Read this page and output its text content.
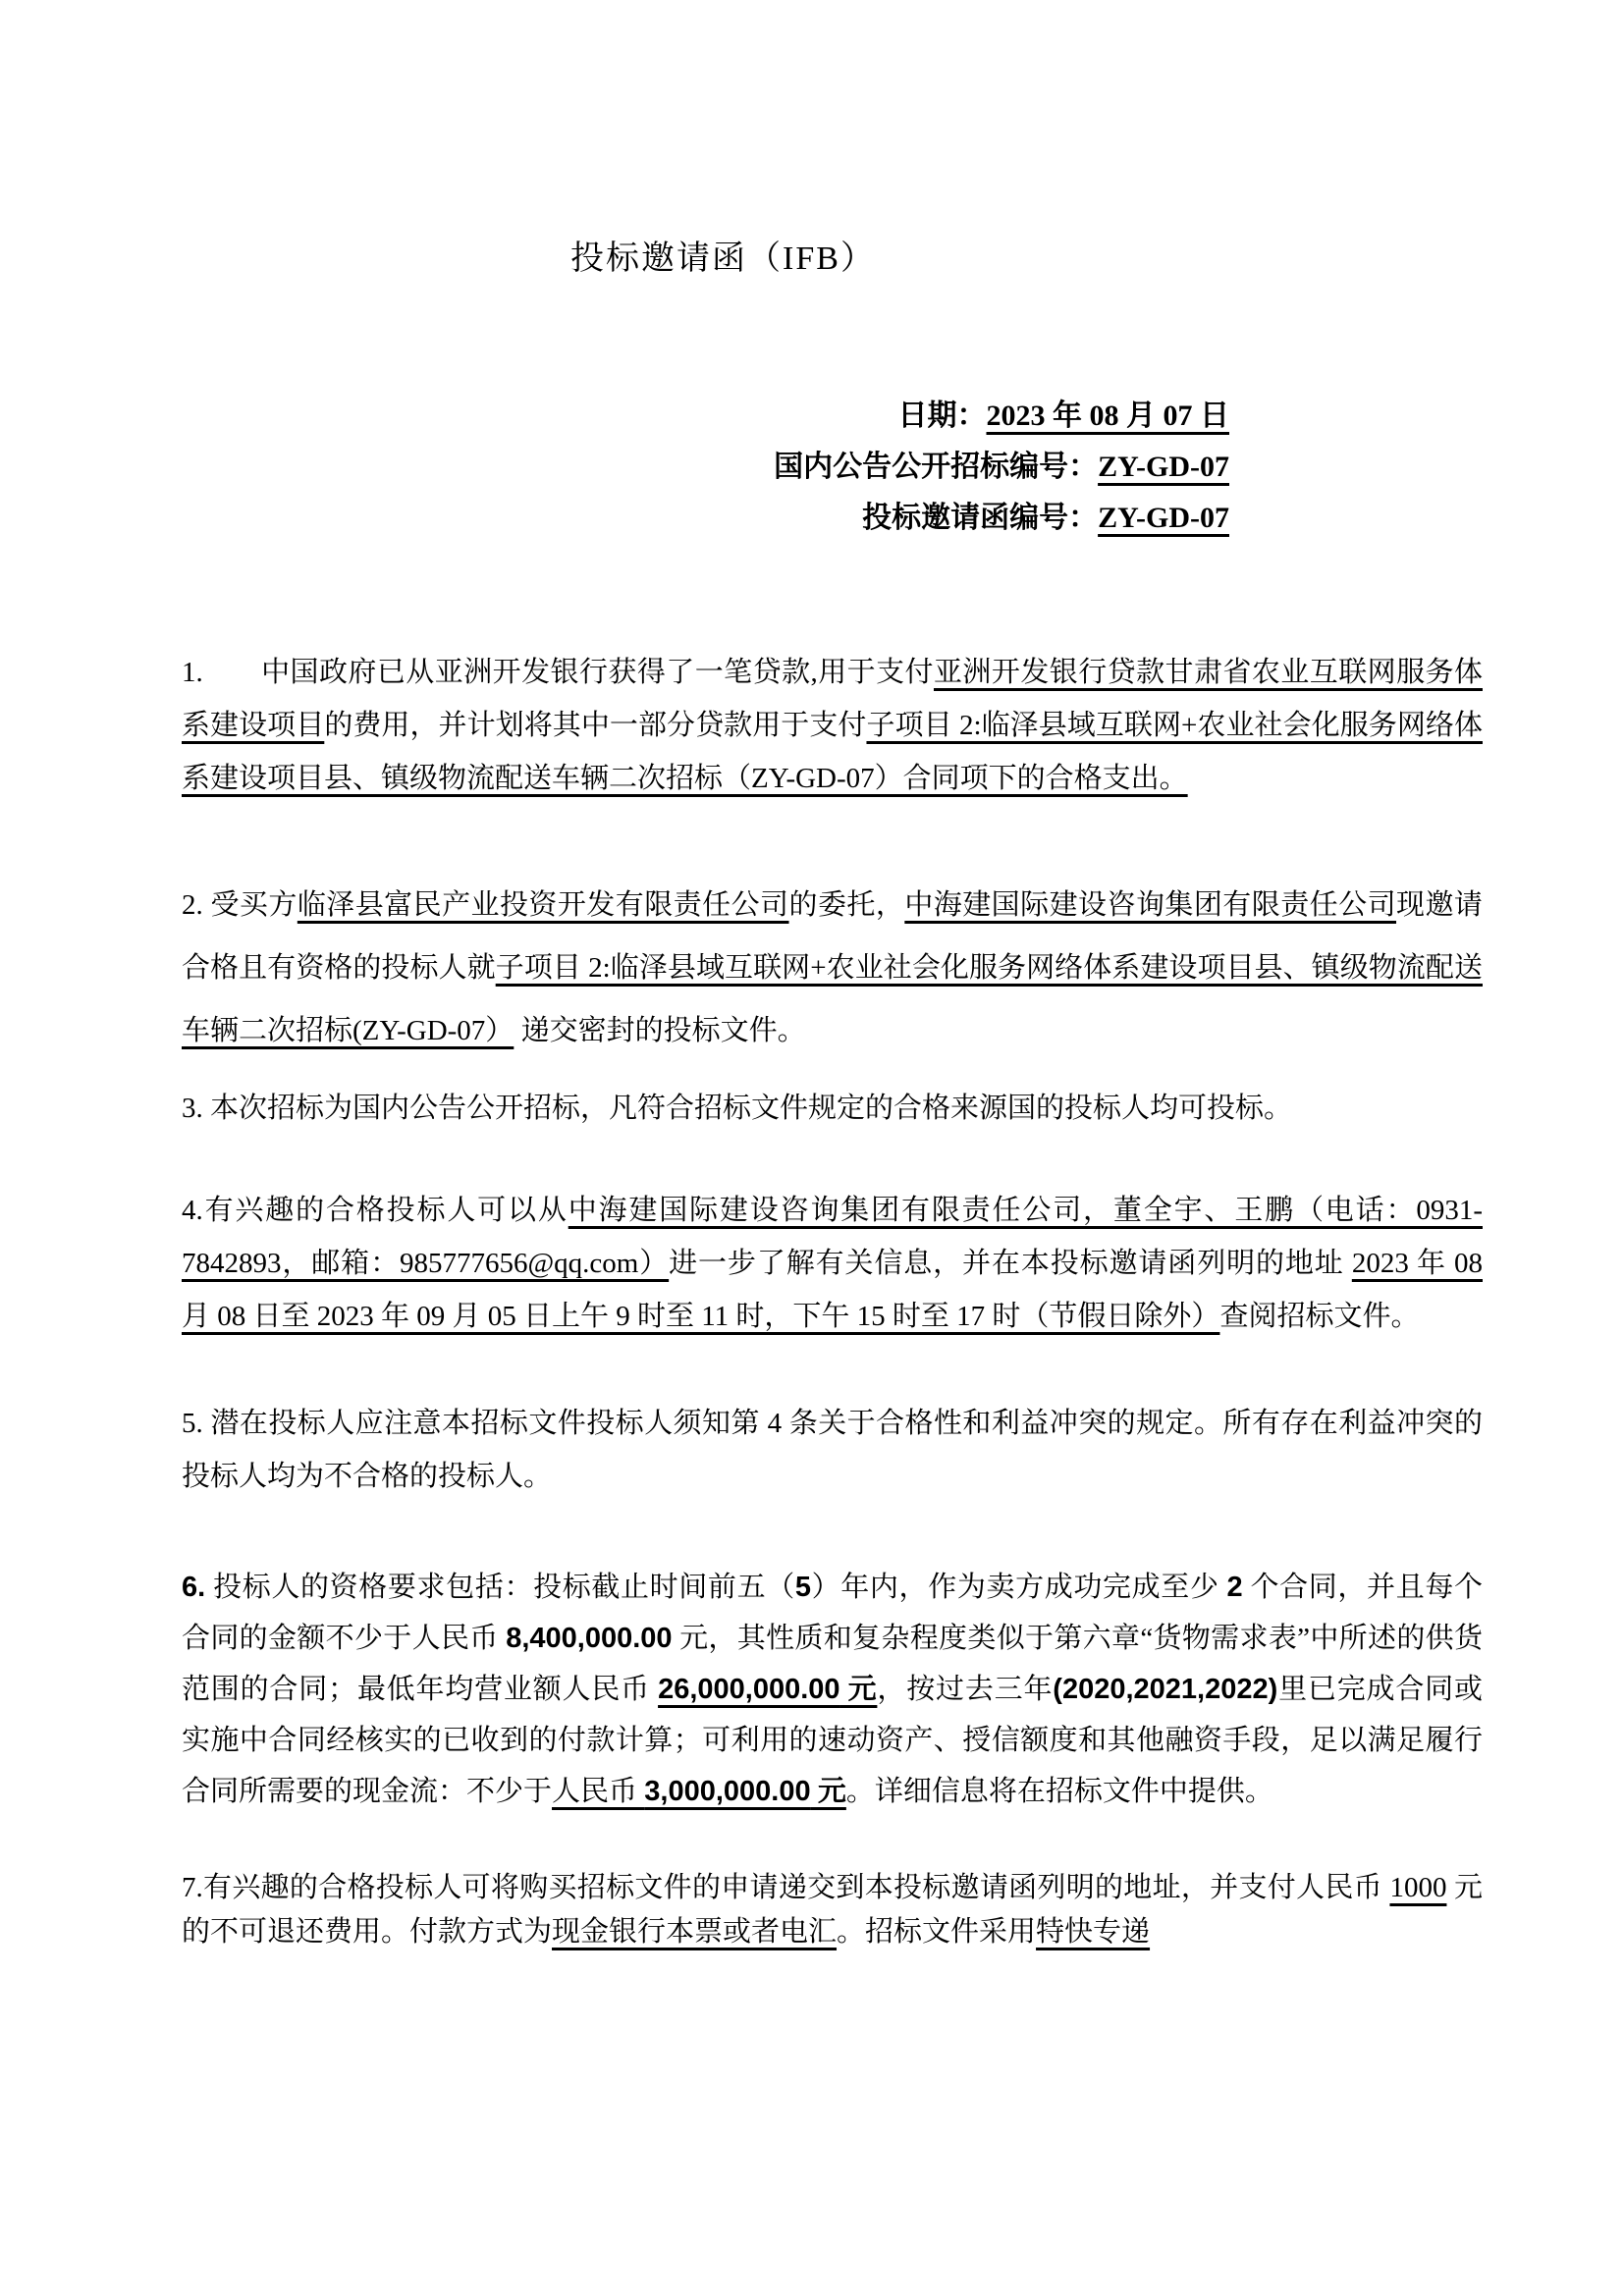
投标邀请函（IFB）
日期：2023 年 08 月 07 日
国内公告公开招标编号：ZY-GD-07
投标邀请函编号：ZY-GD-07

1.　　中国政府已从亚洲开发银行获得了一笔贷款,用于支付亚洲开发银行贷款甘肃省农业互联网服务体系建设项目的费用，并计划将其中一部分贷款用于支付子项目 2:临泽县域互联网+农业社会化服务网络体系建设项目县、镇级物流配送车辆二次招标（ZY-GD-07）合同项下的合格支出。

2. 受买方临泽县富民产业投资开发有限责任公司的委托，中海建国际建设咨询集团有限责任公司现邀请合格且有资格的投标人就子项目 2:临泽县域互联网+农业社会化服务网络体系建设项目县、镇级物流配送车辆二次招标(ZY-GD-07） 递交密封的投标文件。

3. 本次招标为国内公告公开招标，凡符合招标文件规定的合格来源国的投标人均可投标。

4.有兴趣的合格投标人可以从中海建国际建设咨询集团有限责任公司，董全宇、王鹏（电话：0931-7842893，邮箱：985777656@qq.com）进一步了解有关信息，并在本投标邀请函列明的地址 2023 年 08 月 08 日至 2023 年 09 月 05 日上午 9 时至 11 时，下午 15 时至 17 时（节假日除外）查阅招标文件。

5. 潜在投标人应注意本招标文件投标人须知第 4 条关于合格性和利益冲突的规定。所有存在利益冲突的投标人均为不合格的投标人。

6. 投标人的资格要求包括：投标截止时间前五（5）年内，作为卖方成功完成至少 2 个合同，并且每个合同的金额不少于人民币 8,400,000.00 元，其性质和复杂程度类似于第六章“货物需求表”中所述的供货范围的合同；最低年均营业额人民币 26,000,000.00 元，按过去三年(2020,2021,2022)里已完成合同或实施中合同经核实的已收到的付款计算；可利用的速动资产、授信额度和其他融资手段，足以满足履行合同所需要的现金流：不少于人民币 3,000,000.00 元。详细信息将在招标文件中提供。

7.有兴趣的合格投标人可将购买招标文件的申请递交到本投标邀请函列明的地址，并支付人民币 1000 元的不可退还费用。付款方式为现金银行本票或者电汇。招标文件采用特快专递
